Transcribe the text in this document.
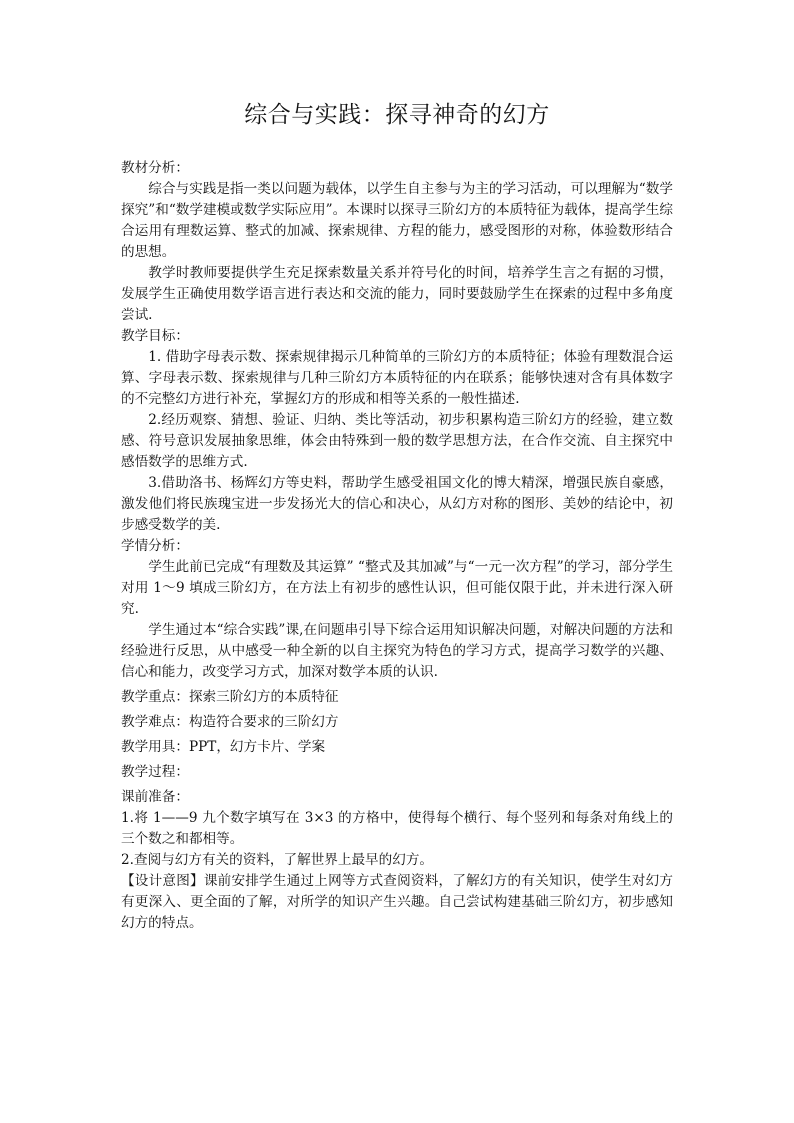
综合与实践：探寻神奇的幻方

教材分析：

综合与实践是指一类以问题为载体，以学生自主参与为主的学习活动，可以理解为“数学探究”和“数学建模或数学实际应用”。本课时以探寻三阶幻方的本质特征为载体，提高学生综合运用有理数运算、整式的加减、探索规律、方程的能力，感受图形的对称，体验数形结合的思想。

教学时教师要提供学生充足探索数量关系并符号化的时间，培养学生言之有据的习惯，发展学生正确使用数学语言进行表达和交流的能力，同时要鼓励学生在探索的过程中多角度尝试.

教学目标：

1. 借助字母表示数、探索规律揭示几种简单的三阶幻方的本质特征；体验有理数混合运算、字母表示数、探索规律与几种三阶幻方本质特征的内在联系；能够快速对含有具体数字的不完整幻方进行补充，掌握幻方的形成和相等关系的一般性描述.

2.经历观察、猜想、验证、归纳、类比等活动，初步积累构造三阶幻方的经验，建立数感、符号意识发展抽象思维，体会由特殊到一般的数学思想方法，在合作交流、自主探究中感悟数学的思维方式.

3.借助洛书、杨辉幻方等史料，帮助学生感受祖国文化的博大精深，增强民族自豪感，激发他们将民族瑰宝进一步发扬光大的信心和决心，从幻方对称的图形、美妙的结论中，初步感受数学的美.

学情分析：

学生此前已完成“有理数及其运算” “整式及其加减”与“一元一次方程”的学习，部分学生对用 1～9 填成三阶幻方，在方法上有初步的感性认识，但可能仅限于此，并未进行深入研究.

学生通过本“综合实践”课,在问题串引导下综合运用知识解决问题，对解决问题的方法和经验进行反思，从中感受一种全新的以自主探究为特色的学习方式，提高学习数学的兴趣、信心和能力，改变学习方式，加深对数学本质的认识.

教学重点：探索三阶幻方的本质特征

教学难点：构造符合要求的三阶幻方

教学用具：PPT，幻方卡片、学案

教学过程：

课前准备：

1.将 1——9 九个数字填写在 3×3 的方格中，使得每个横行、每个竖列和每条对角线上的三个数之和都相等。

2.查阅与幻方有关的资料，了解世界上最早的幻方。

【设计意图】课前安排学生通过上网等方式查阅资料，了解幻方的有关知识，使学生对幻方有更深入、更全面的了解，对所学的知识产生兴趣。自己尝试构建基础三阶幻方，初步感知幻方的特点。
